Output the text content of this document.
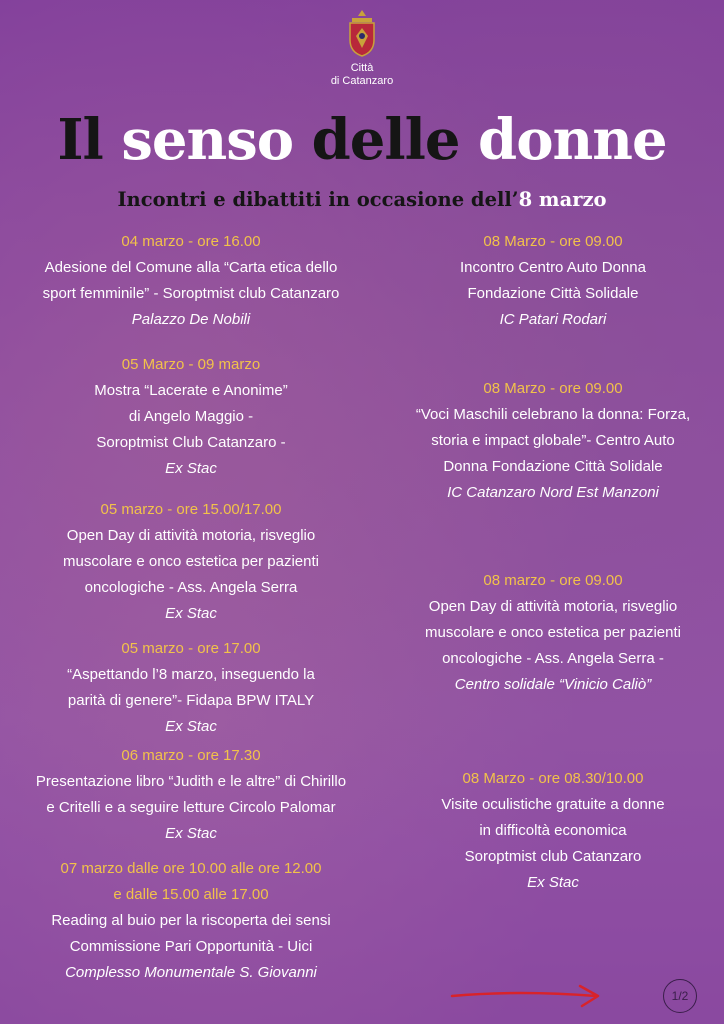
Città
di Catanzaro
Il senso delle donne
Incontri e dibattiti in occasione dell’8 marzo
04 marzo - ore 16.00
Adesione del Comune alla “Carta etica dello
sport femminile” - Soroptmist club Catanzaro
Palazzo De Nobili
05 Marzo - 09 marzo
Mostra “Lacerate e Anonime”
di Angelo Maggio -
Soroptmist Club Catanzaro -
Ex Stac
05 marzo - ore 15.00/17.00
Open Day di attività motoria, risveglio
muscolare e onco estetica per pazienti
oncologiche - Ass. Angela Serra
Ex Stac
05 marzo - ore 17.00
“Aspettando l’8 marzo, inseguendo la
parità di genere”- Fidapa BPW ITALY
Ex Stac
06 marzo - ore 17.30
Presentazione libro “Judith e le altre” di Chirillo
e Critelli e a seguire letture Circolo Palomar
Ex Stac
07 marzo dalle ore 10.00 alle ore 12.00
e dalle 15.00 alle 17.00
Reading al buio per la riscoperta dei sensi
Commissione Pari Opportunità - Uici
Complesso Monumentale S. Giovanni
08 Marzo - ore 09.00
Incontro Centro Auto Donna
Fondazione Città Solidale
IC Patari Rodari
08 Marzo - ore 09.00
“Voci Maschili celebrano la donna: Forza,
storia e impact globale”- Centro Auto
Donna Fondazione Città Solidale
IC Catanzaro Nord Est Manzoni
08 marzo - ore 09.00
Open Day di attività motoria, risveglio
muscolare e onco estetica per pazienti
oncologiche - Ass. Angela Serra -
Centro solidale “Vinicio Caliò”
08 Marzo - ore 08.30/10.00
Visite oculistiche gratuite a donne
in difficoltà economica
Soroptmist club Catanzaro
Ex Stac
1/2
